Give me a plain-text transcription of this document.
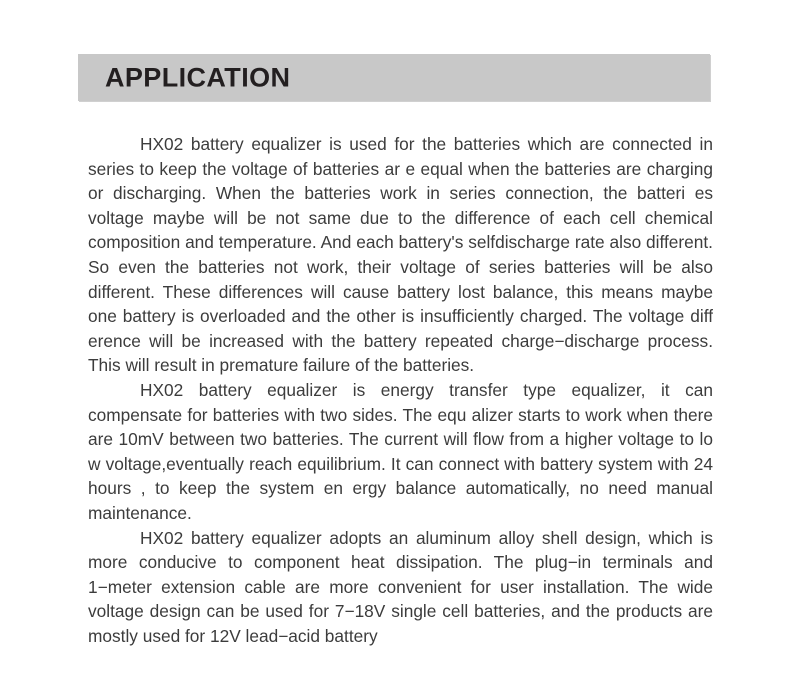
APPLICATION

HX02 battery equalizer is used for the batteries which are connected in series to keep the voltage of batteries ar e equal when the batteries are charging or discharging. When the batteries work in series connection, the batteri es voltage maybe will be not same due to the difference of each cell chemical composition and temperature. And each battery's selfdischarge rate also different. So even the batteries not work, their voltage of series batteries will be also different. These differences will cause battery lost balance, this means maybe one battery is overloaded and the other is insufficiently charged. The voltage diff erence will be increased with the battery repeated charge−discharge process. This will result in premature failure of the batteries.

HX02 battery equalizer is energy transfer type equalizer, it can compensate for batteries with two sides. The equ alizer starts to work when there are 10mV between two batteries. The current will flow from a higher voltage to lo w voltage,eventually reach equilibrium. It can connect with battery system with 24 hours , to keep the system en ergy balance automatically, no need manual maintenance.

HX02 battery equalizer adopts an aluminum alloy shell design, which is more conducive to component heat dissipation. The plug−in terminals and 1−meter extension cable are more convenient for user installation. The wide voltage design can be used for 7−18V single cell batteries, and the products are mostly used for 12V lead−acid battery
